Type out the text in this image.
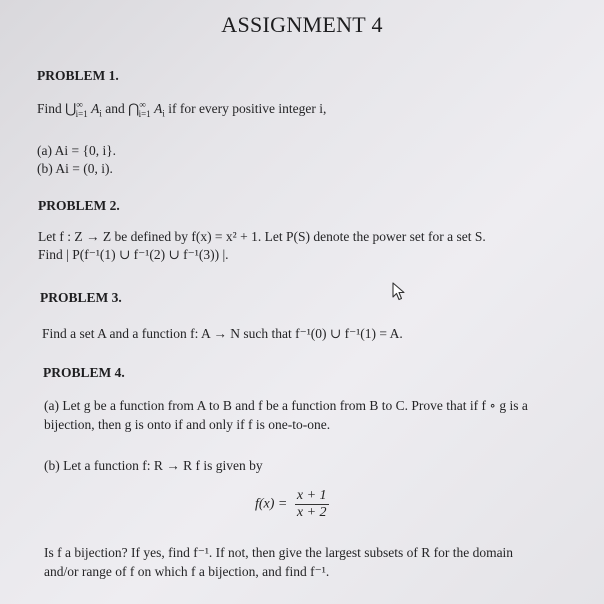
ASSIGNMENT 4
PROBLEM 1.
Find $⋃^\infty_{i=1}$ $A_i$ and $⋂^\infty_{i=1}$ $A_i$ if for every positive integer i,
(a) Ai = {0, i}.
(b) Ai = (0, i).
PROBLEM 2.
Let f : Z → Z be defined by f(x) = x² + 1. Let P(S) denote the power set for a set S.
Find | P(f⁻¹(1) ∪ f⁻¹(2) ∪ f⁻¹(3)) |.
PROBLEM 3.
Find a set A and a function f: A → N such that f⁻¹(0) ∪ f⁻¹(1) = A.
PROBLEM 4.
(a) Let g be a function from A to B and f be a function from B to C. Prove that if f ∘ g is a
bijection, then g is onto if and only if f is one-to-one.
(b) Let a function f: R → R f is given by
$f(x) = \frac{x + 1}{x + 2}$
Is f a bijection? If yes, find f⁻¹. If not, then give the largest subsets of R for the domain
and/or range of f on which f a bijection, and find f⁻¹.
